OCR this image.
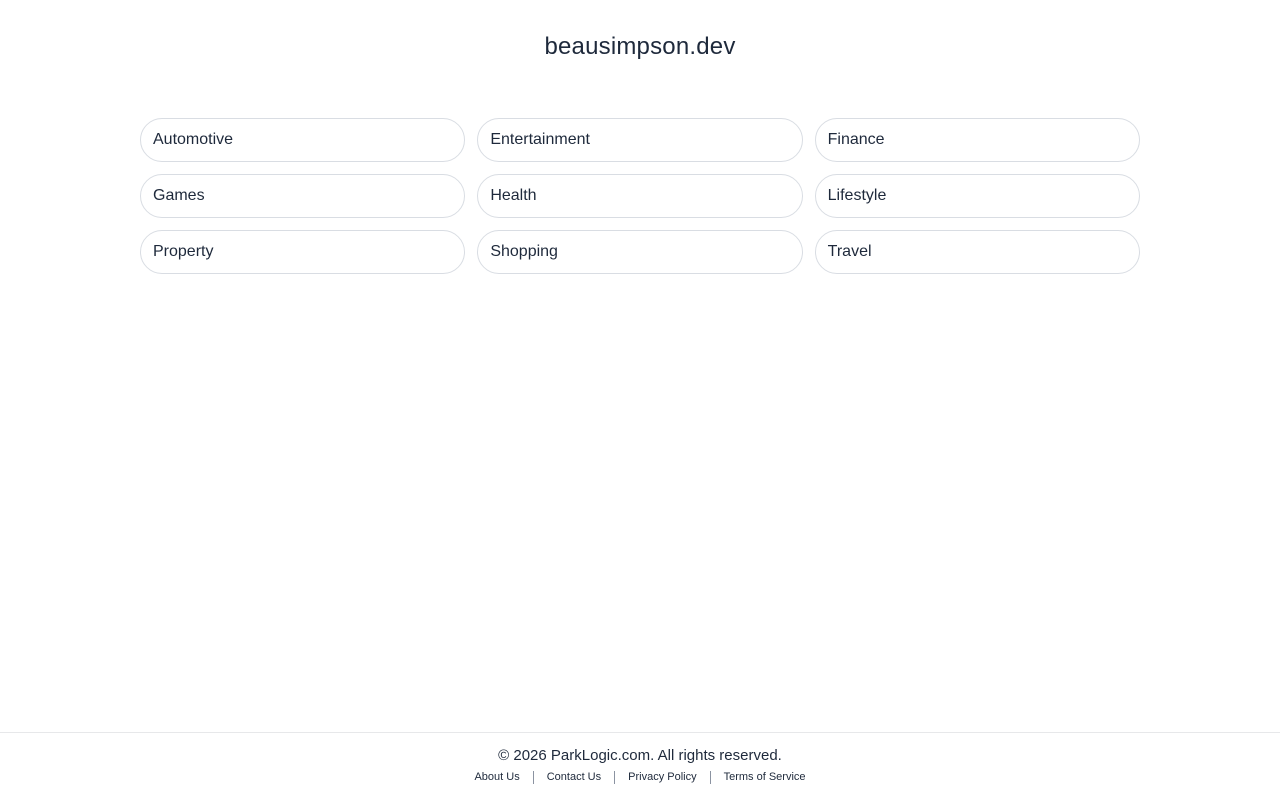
beausimpson.dev
Automotive	Entertainment	Finance
Games	Health	Lifestyle
Property	Shopping	Travel
© 2026 ParkLogic.com. All rights reserved.
About Us Contact Us Privacy Policy Terms of Service
